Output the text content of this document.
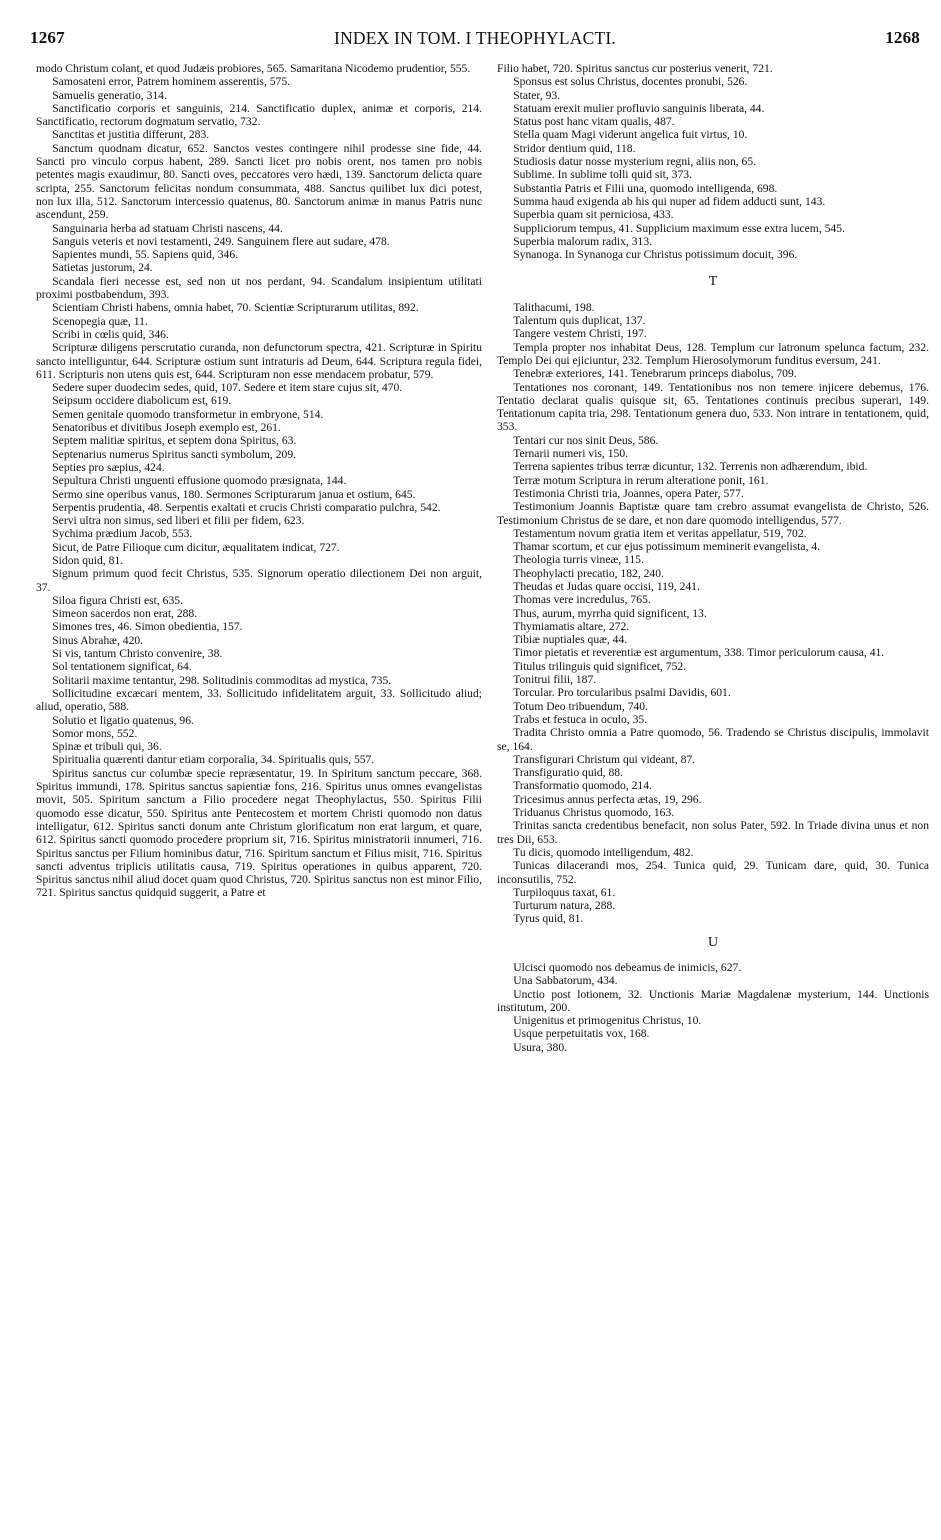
1267	INDEX IN TOM. I THEOPHYLACTI.	1268

modo Christum colant, et quod Judæis probiores, 565. Samaritana Nicodemo prudentior, 555.

Samosateni error, Patrem hominem asserentis, 575.

Samuelis generatio, 314.

Sanctificatio corporis et sanguinis, 214. Sanctificatio duplex, animæ et corporis, 214. Sanctificatio, rectorum dogmatum servatio, 732.

Sanctitas et justitia differunt, 283.

Sanctum quodnam dicatur, 652. Sanctos vestes contingere nihil prodesse sine fide, 44. Sancti pro vinculo corpus habent, 289. Sancti licet pro nobis orent, nos tamen pro nobis petentes magis exaudimur, 80. Sancti oves, peccatores vero hædi, 139. Sanctorum delicta quare scripta, 255. Sanctorum felicitas nondum consummata, 488. Sanctus quilibet lux dici potest, non lux illa, 512. Sanctorum intercessio quatenus, 80. Sanctorum animæ in manus Patris nunc ascendunt, 259.

Sanguinaria herba ad statuam Christi nascens, 44.

Sanguis veteris et novi testamenti, 249. Sanguinem flere aut sudare, 478.

Sapientes mundi, 55. Sapiens quid, 346.

Satietas justorum, 24.

Scandala fieri necesse est, sed non ut nos perdant, 94. Scandalum insipientum utilitati proximi postbabendum, 393.

Scientiam Christi habens, omnia habet, 70. Scientiæ Scripturarum utilitas, 892.

Scenopegia quæ, 11.

Scribi in cœlis quid, 346.

Scripturæ diligens perscrutatio curanda, non defunctorum spectra, 421. Scripturæ in Spiritu sancto intelliguntur, 644. Scripturæ ostium sunt intraturis ad Deum, 644. Scriptura regula fidei, 611. Scripturis non utens quis est, 644. Scripturam non esse mendacem probatur, 579.

Sedere super duodecim sedes, quid, 107. Sedere et item stare cujus sit, 470.

Seipsum occidere diabolicum est, 619.

Semen genitale quomodo transformetur in embryone, 514.

Senatoribus et divitibus Joseph exemplo est, 261.

Septem malitiæ spiritus, et septem dona Spiritus, 63.

Septenarius numerus Spiritus sancti symbolum, 209.

Septies pro sæpius, 424.

Sepultura Christi unguenti effusione quomodo præsignata, 144.

Sermo sine operibus vanus, 180. Sermones Scripturarum janua et ostium, 645.

Serpentis prudentia, 48. Serpentis exaltati et crucis Christi comparatio pulchra, 542.

Servi ultra non simus, sed liberi et filii per fidem, 623.

Sychima prædium Jacob, 553.

Sicut, de Patre Filioque cum dicitur, æqualitatem indicat, 727.

Sidon quid, 81.

Signum primum quod fecit Christus, 535. Signorum operatio dilectionem Dei non arguit, 37.

Siloa figura Christi est, 635.

Simeon sacerdos non erat, 288.

Simones tres, 46. Simon obedientia, 157.

Sinus Abrahæ, 420.

Si vis, tantum Christo convenire, 38.

Sol tentationem significat, 64.

Solitarii maxime tentantur, 298. Solitudinis commoditas ad mystica, 735.

Sollicitudine excæcari mentem, 33. Sollicitudo infidelitatem arguit, 33. Sollicitudo aliud; aliud, operatio, 588.

Solutio et ligatio quatenus, 96.

Somor mons, 552.

Spinæ et tribuli qui, 36.

Spiritualia quærenti dantur etiam corporalia, 34. Spiritualis quis, 557.

Spiritus sanctus cur columbæ specie repræsentatur, 19. In Spiritum sanctum peccare, 368. Spiritus immundi, 178. Spiritus sanctus sapientiæ fons, 216. Spiritus unus omnes evangelistas movit, 505. Spiritum sanctum a Filio procedere negat Theophylactus, 550. Spiritus Filii quomodo esse dicatur, 550. Spiritus ante Pentecostem et mortem Christi quomodo non datus intelligatur, 612. Spiritus sancti donum ante Christum glorificatum non erat largum, et quare, 612. Spiritus sancti quomodo procedere proprium sit, 716. Spiritus ministratorii innumeri, 716. Spiritus sanctus per Filium hominibus datur, 716. Spiritum sanctum et Filius misit, 716. Spiritus sancti adventus triplicis utilitatis causa, 719. Spiritus operationes in quibus apparent, 720. Spiritus sanctus nihil aliud docet quam quod Christus, 720. Spiritus sanctus non est minor Filio, 721. Spiritus sanctus quidquid suggerit, a Patre et

Filio habet, 720. Spiritus sanctus cur posterius venerit, 721.

Sponsus est solus Christus, docentes pronubi, 526.

Stater, 93.

Statuam erexit mulier profluvio sanguinis liberata, 44.

Status post hanc vitam qualis, 487.

Stella quam Magi viderunt angelica fuit virtus, 10.

Stridor dentium quid, 118.

Studiosis datur nosse mysterium regni, aliis non, 65.

Sublime. In sublime tolli quid sit, 373.

Substantia Patris et Filii una, quomodo intelligenda, 698.

Summa haud exigenda ab his qui nuper ad fidem adducti sunt, 143.

Superbia quam sit perniciosa, 433.

Suppliciorum tempus, 41. Supplicium maximum esse extra lucem, 545.

Superbia malorum radix, 313.

Synanoga. In Synanoga cur Christus potissimum docuit, 396.

T

Talithacumi, 198.

Talentum quis duplicat, 137.

Tangere vestem Christi, 197.

Templa propter nos inhabitat Deus, 128. Templum cur latronum spelunca factum, 232. Templo Dei qui ejiciuntur, 232. Templum Hierosolymorum funditus eversum, 241.

Tenebræ exteriores, 141. Tenebrarum princeps diabolus, 709.

Tentationes nos coronant, 149. Tentationibus nos non temere injicere debemus, 176. Tentatio declarat qualis quisque sit, 65. Tentationes continuis precibus superari, 149. Tentationum capita tria, 298. Tentationum genera duo, 533. Non intrare in tentationem, quid, 353.

Tentari cur nos sinit Deus, 586.

Ternarii numeri vis, 150.

Terrena sapientes tribus terræ dicuntur, 132. Terrenis non adhærendum, ibid.

Terræ motum Scriptura in rerum alteratione ponit, 161.

Testimonia Christi tria, Joannes, opera Pater, 577.

Testimonium Joannis Baptistæ quare tam crebro assumat evangelista de Christo, 526. Testimonium Christus de se dare, et non dare quomodo intelligendus, 577.

Testamentum novum gratia item et veritas appellatur, 519, 702.

Thamar scortum, et cur ejus potissimum meminerit evangelista, 4.

Theologia turris vineæ, 115.

Theophylacti precatio, 182, 240.

Theudas et Judas quare occisi, 119, 241.

Thomas vere incredulus, 765.

Thus, aurum, myrrha quid significent, 13.

Thymiamatis altare, 272.

Tibiæ nuptiales quæ, 44.

Timor pietatis et reverentiæ est argumentum, 338. Timor periculorum causa, 41.

Titulus trilinguis quid significet, 752.

Tonitrui filii, 187.

Torcular. Pro torcularibus psalmi Davidis, 601.

Totum Deo tribuendum, 740.

Trabs et festuca in oculo, 35.

Tradita Christo omnia a Patre quomodo, 56. Tradendo se Christus discipulis, immolavit se, 164.

Transfigurari Christum qui videant, 87.

Transfiguratio quid, 88.

Transformatio quomodo, 214.

Tricesimus annus perfecta ætas, 19, 296.

Triduanus Christus quomodo, 163.

Trinitas sancta credentibus benefacit, non solus Pater, 592. In Triade divina unus et non tres Dii, 653.

Tu dicis, quomodo intelligendum, 482.

Tunicas dilacerandi mos, 254. Tunica quid, 29. Tunicam dare, quid, 30. Tunica inconsutilis, 752.

Turpiloquus taxat, 61.

Turturum natura, 288.

Tyrus quid, 81.

U

Ulcisci quomodo nos debeamus de inimicis, 627.

Una Sabbatorum, 434.

Unctio post lotionem, 32. Unctionis Mariæ Magdalenæ mysterium, 144. Unctionis institutum, 200.

Unigenitus et primogenitus Christus, 10.

Usque perpetuitatis vox, 168.

Usura, 380.
